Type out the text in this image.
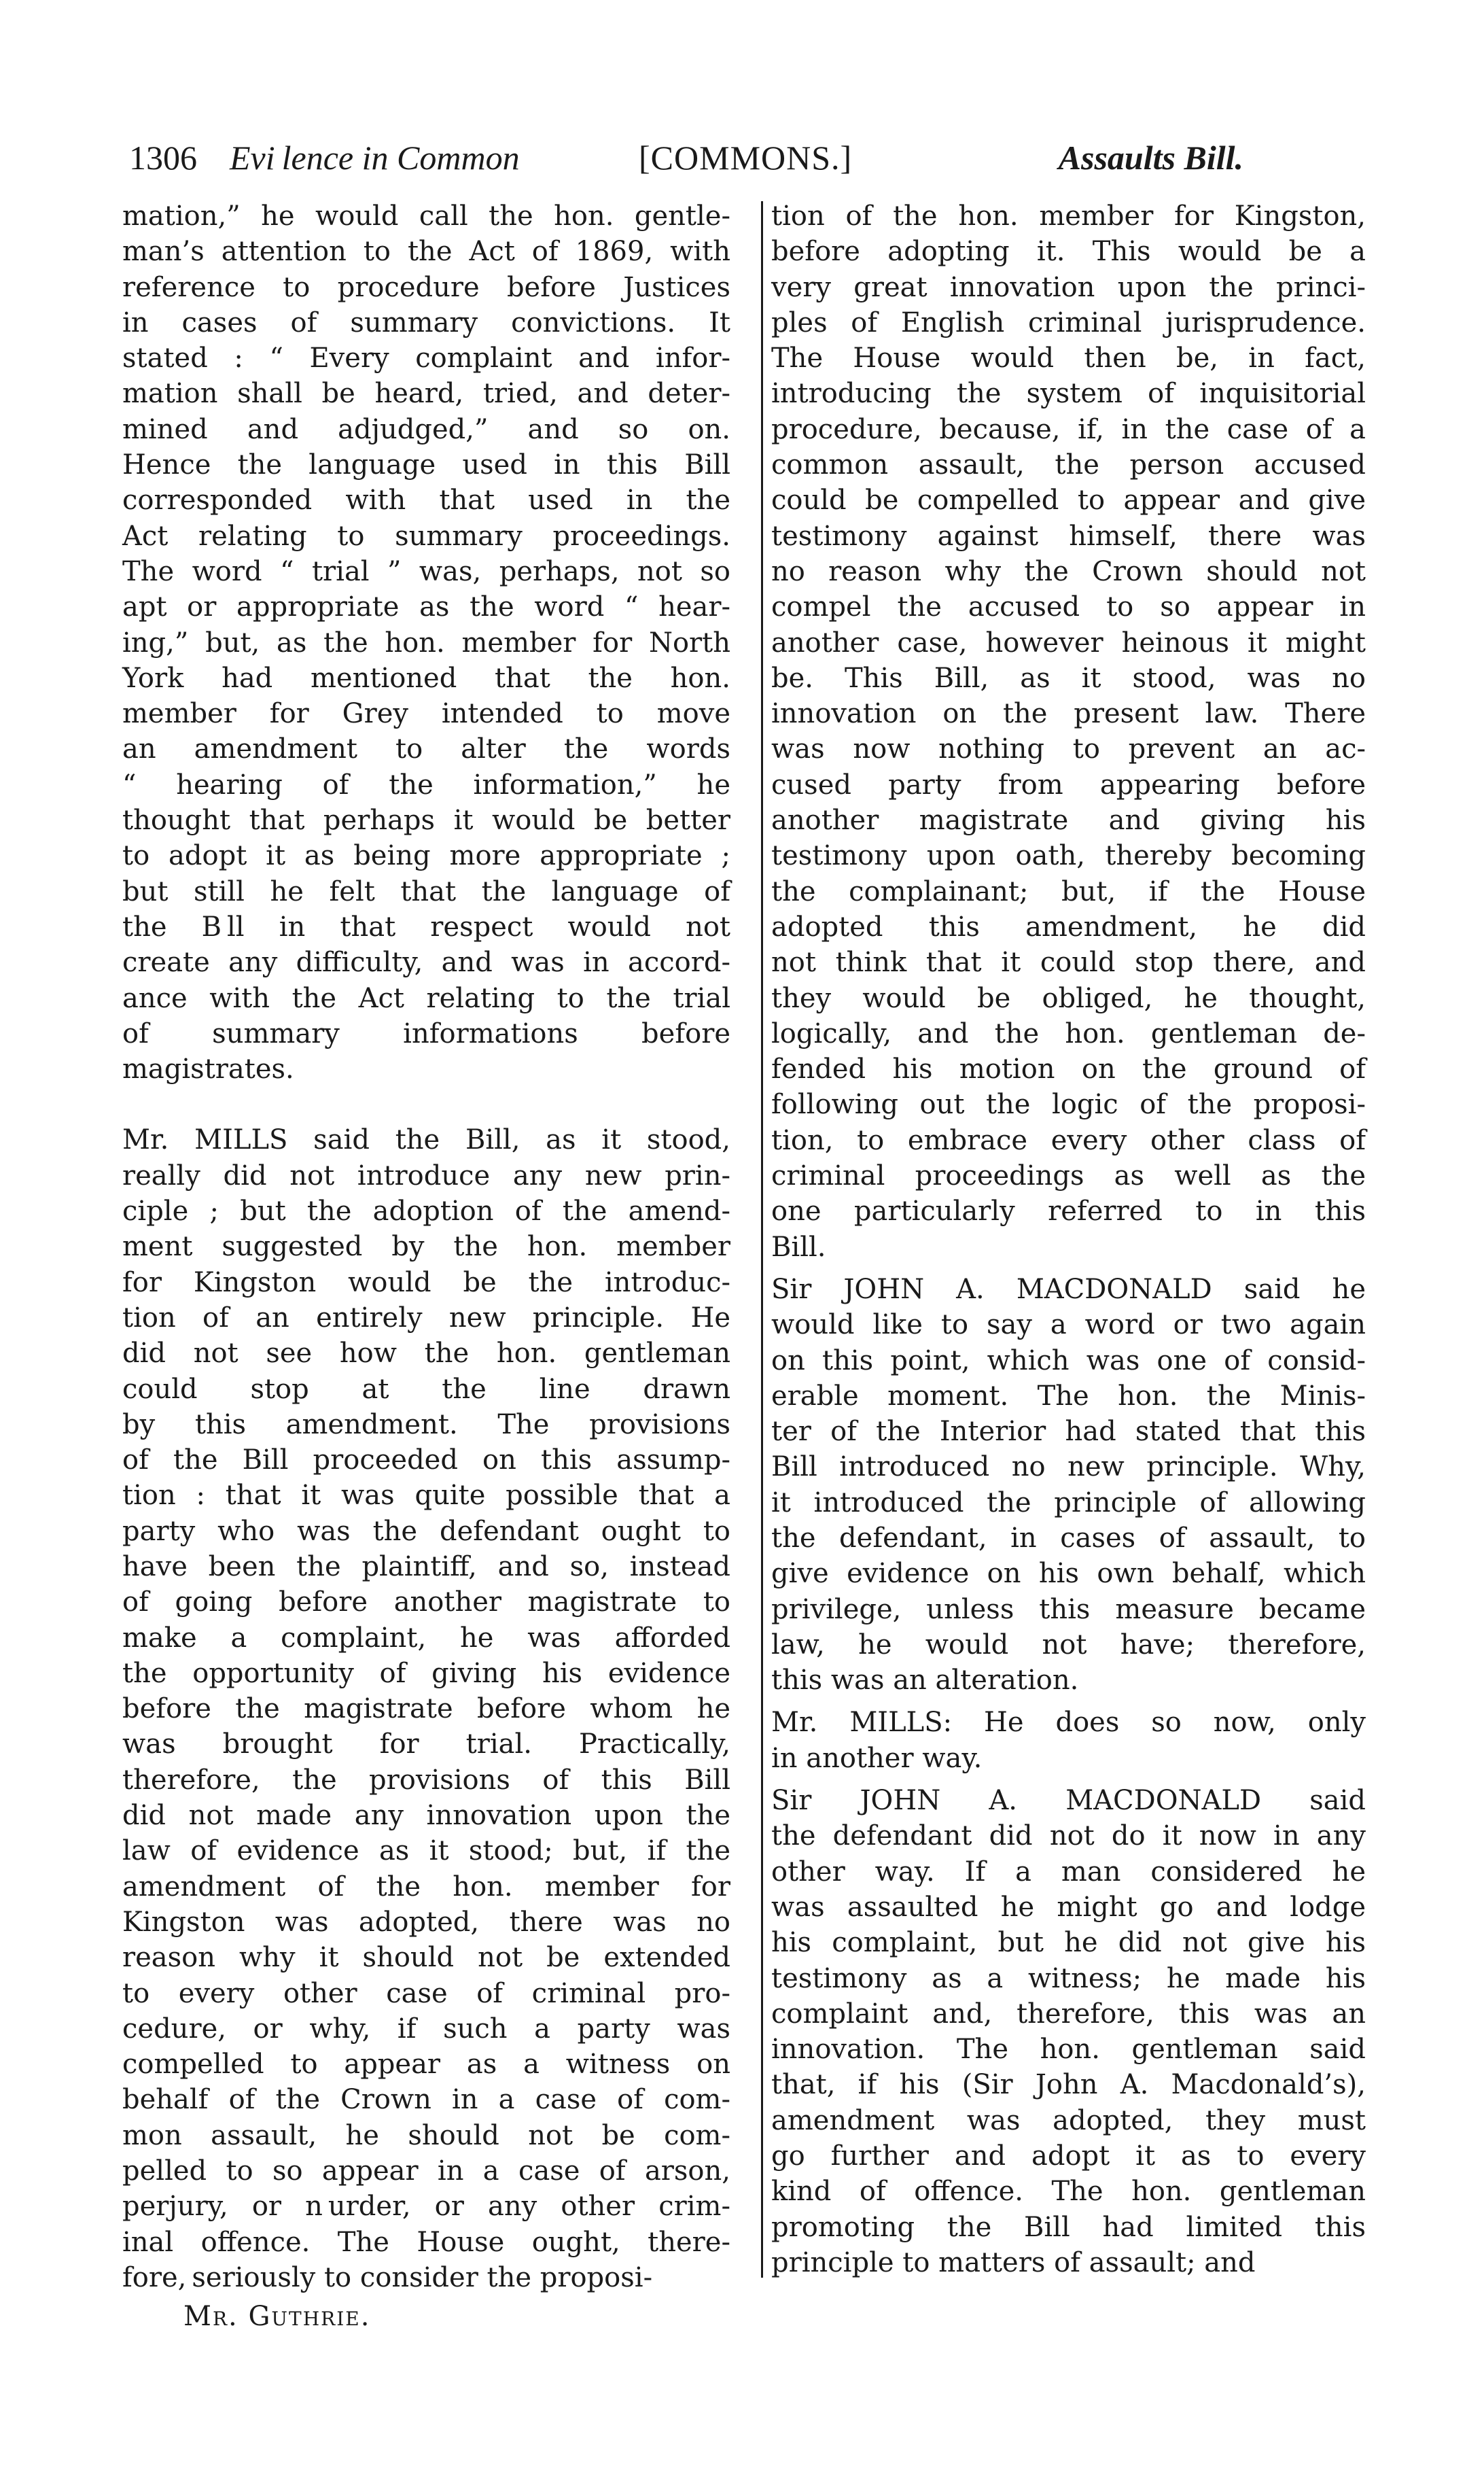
1306 Evi lence in Common	[COMMONS.]	Assaults Bill.
mation,” he would call the hon. gentle-
man’s attention to the Act of 1869, with
reference to procedure before Justices
in cases of summary convictions. It
stated : “ Every complaint and infor-
mation shall be heard, tried, and deter-
mined and adjudged,” and so on.
Hence the language used in this Bill
corresponded with that used in the
Act relating to summary proceedings.
The word “ trial ” was, perhaps, not so
apt or appropriate as the word “ hear-
ing,” but, as the hon. member for North
York had mentioned that the hon.
member for Grey intended to move
an amendment to alter the words
“ hearing of the information,” he
thought that perhaps it would be better
to adopt it as being more appropriate ;
but still he felt that the language of
the B ll in that respect would not
create any difficulty, and was in accord-
ance with the Act relating to the trial
of summary informations before
magistrates.
Mr. MILLS said the Bill, as it stood,
really did not introduce any new prin-
ciple ; but the adoption of the amend-
ment suggested by the hon. member
for Kingston would be the introduc-
tion of an entirely new principle. He
did not see how the hon. gentleman
could stop at the line drawn
by this amendment. The provisions
of the Bill proceeded on this assump-
tion : that it was quite possible that a
party who was the defendant ought to
have been the plaintiff, and so, instead
of going before another magistrate to
make a complaint, he was afforded
the opportunity of giving his evidence
before the magistrate before whom he
was brought for trial. Practically,
therefore, the provisions of this Bill
did not made any innovation upon the
law of evidence as it stood; but, if the
amendment of the hon. member for
Kingston was adopted, there was no
reason why it should not be extended
to every other case of criminal pro-
cedure, or why, if such a party was
compelled to appear as a witness on
behalf of the Crown in a case of com-
mon assault, he should not be com-
pelled to so appear in a case of arson,
perjury, or n urder, or any other crim-
inal offence. The House ought, there-
fore, seriously to consider the proposi-
tion of the hon. member for Kingston,
before adopting it. This would be a
very great innovation upon the princi-
ples of English criminal jurisprudence.
The House would then be, in fact,
introducing the system of inquisitorial
procedure, because, if, in the case of a
common assault, the person accused
could be compelled to appear and give
testimony against himself, there was
no reason why the Crown should not
compel the accused to so appear in
another case, however heinous it might
be. This Bill, as it stood, was no
innovation on the present law. There
was now nothing to prevent an ac-
cused party from appearing before
another magistrate and giving his
testimony upon oath, thereby becoming
the complainant; but, if the House
adopted this amendment, he did
not think that it could stop there, and
they would be obliged, he thought,
logically, and the hon. gentleman de-
fended his motion on the ground of
following out the logic of the proposi-
tion, to embrace every other class of
criminal proceedings as well as the
one particularly referred to in this
Bill.
Sir JOHN A. MACDONALD said he
would like to say a word or two again
on this point, which was one of consid-
erable moment. The hon. the Minis-
ter of the Interior had stated that this
Bill introduced no new principle. Why,
it introduced the principle of allowing
the defendant, in cases of assault, to
give evidence on his own behalf, which
privilege, unless this measure became
law, he would not have; therefore,
this was an alteration.
Mr. MILLS: He does so now, only
in another way.
Sir JOHN A. MACDONALD said
the defendant did not do it now in any
other way. If a man considered he
was assaulted he might go and lodge
his complaint, but he did not give his
testimony as a witness; he made his
complaint and, therefore, this was an
innovation. The hon. gentleman said
that, if his (Sir John A. Macdonald’s),
amendment was adopted, they must
go further and adopt it as to every
kind of offence. The hon. gentleman
promoting the Bill had limited this
principle to matters of assault; and
Mr. Guthrie.
